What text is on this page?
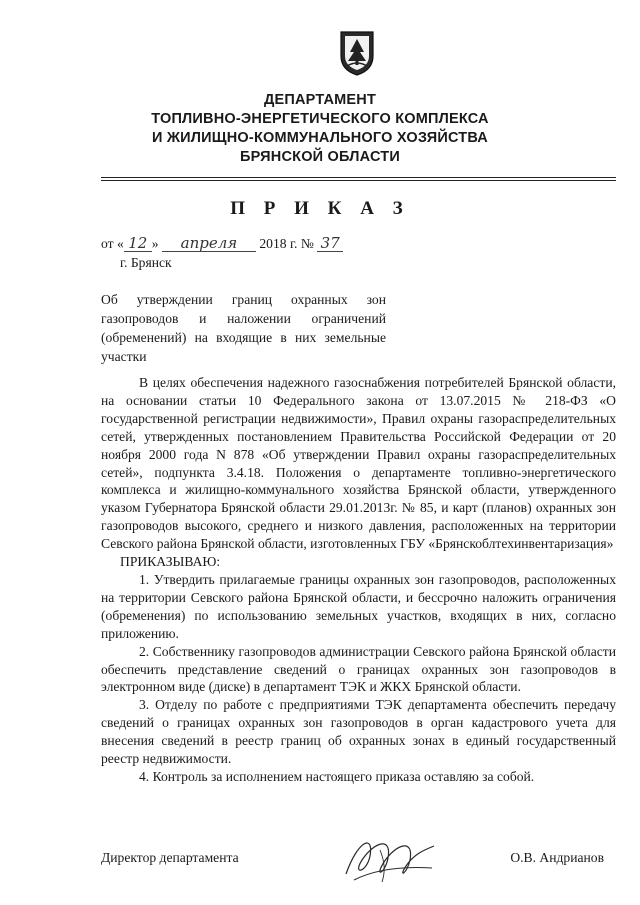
ДЕПАРТАМЕНТ
ТОПЛИВНО-ЭНЕРГЕТИЧЕСКОГО КОМПЛЕКСА
И ЖИЛИЩНО-КОММУНАЛЬНОГО ХОЗЯЙСТВА
БРЯНСКОЙ ОБЛАСТИ
П Р И К А З
от « 12 » апреля 2018 г. № 37
г. Брянск
Об утверждении границ охранных зон газопроводов и наложении ограничений (обременений) на входящие в них земельные участки

В целях обеспечения надежного газоснабжения потребителей Брянской области, на основании статьи 10 Федерального закона от 13.07.2015 № 218-ФЗ «О государственной регистрации недвижимости», Правил охраны газораспределительных сетей, утвержденных постановлением Правительства Российской Федерации от 20 ноября 2000 года N 878 «Об утверждении Правил охраны газораспределительных сетей», подпункта 3.4.18. Положения о департаменте топливно-энергетического комплекса и жилищно-коммунального хозяйства Брянской области, утвержденного указом Губернатора Брянской области 29.01.2013г. № 85, и карт (планов) охранных зон газопроводов высокого, среднего и низкого давления, расположенных на территории Севского района Брянской области, изготовленных ГБУ «Брянскоблтехинвентаризация»

ПРИКАЗЫВАЮ:

1. Утвердить прилагаемые границы охранных зон газопроводов, расположенных на территории Севского района Брянской области, и бессрочно наложить ограничения (обременения) по использованию земельных участков, входящих в них, согласно приложению.

2. Собственнику газопроводов администрации Севского района Брянской области обеспечить представление сведений о границах охранных зон газопроводов в электронном виде (диске) в департамент ТЭК и ЖКХ Брянской области.

3. Отделу по работе с предприятиями ТЭК департамента обеспечить передачу сведений о границах охранных зон газопроводов в орган кадастрового учета для внесения сведений в реестр границ об охранных зонах в единый государственный реестр недвижимости.

4. Контроль за исполнением настоящего приказа оставляю за собой.

Директор департамента	О.В. Андрианов
